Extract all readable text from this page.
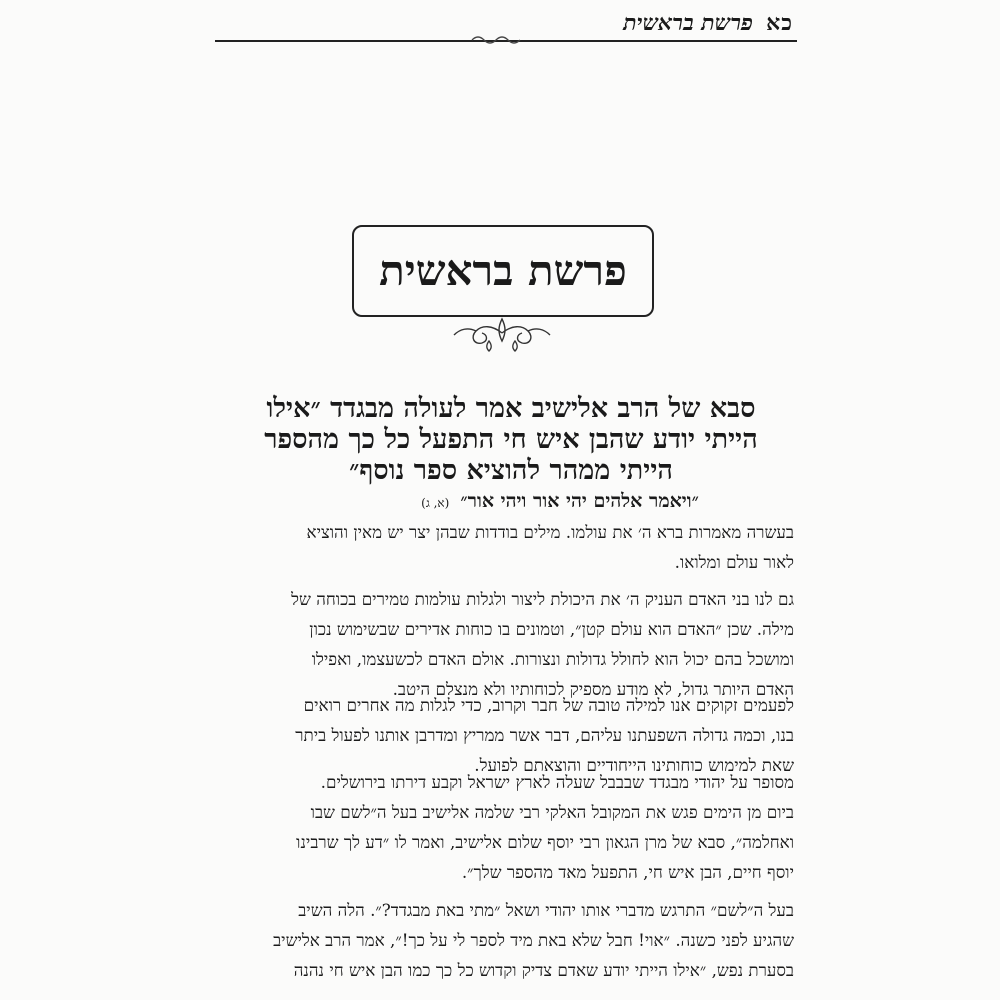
כא
פרשת בראשית
פרשת בראשית
סבא של הרב אלישיב אמר לעולה מבגדד ״אילו
הייתי יודע שהבן איש חי התפעל כל כך מהספר
הייתי ממהר להוציא ספר נוסף״
״ויאמר אלהים יהי אור ויהי אור״ (א, ג)
בעשרה מאמרות ברא ה׳ את עולמו. מילים בודדות שבהן יצר יש מאין והוציא
לאור עולם ומלואו.
גם לנו בני האדם העניק ה׳ את היכולת ליצור ולגלות עולמות טמירים בכוחה של
מילה. שכן ״האדם הוא עולם קטן״, וטמונים בו כוחות אדירים שבשימוש נכון
ומושכל בהם יכול הוא לחולל גדולות ונצורות. אולם האדם לכשעצמו, ואפילו
האדם היותר גדול, לא מודע מספיק לכוחותיו ולא מנצלם היטב.
לפעמים זקוקים אנו למילה טובה של חבר וקרוב, כדי לגלות מה אחרים רואים
בנו, וכמה גדולה השפעתנו עליהם, דבר אשר ממריץ ומדרבן אותנו לפעול ביתר
שאת למימוש כוחותינו הייחודיים והוצאתם לפועל.
מסופר על יהודי מבגדד שבבבל שעלה לארץ ישראל וקבע דירתו בירושלים.
ביום מן הימים פגש את המקובל האלקי רבי שלמה אלישיב בעל ה״לשם שבו
ואחלמה״, סבא של מרן הגאון רבי יוסף שלום אלישיב, ואמר לו ״דע לך שרבינו
יוסף חיים, הבן איש חי, התפעל מאד מהספר שלך״.
בעל ה״לשם״ התרגש מדברי אותו יהודי ושאל ״מתי באת מבגדד?״. הלה השיב
שהגיע לפני כשנה. ״אוי! חבל שלא באת מיד לספר לי על כך!״, אמר הרב אלישיב
בסערת נפש, ״אילו הייתי יודע שאדם צדיק וקדוש כל כך כמו הבן איש חי נהנה
